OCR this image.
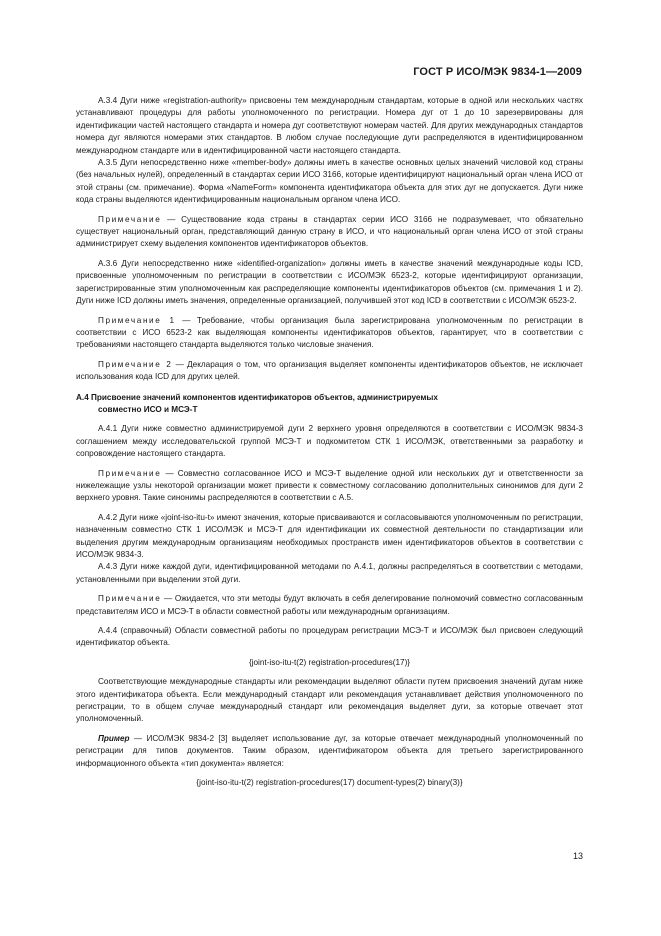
ГОСТ Р ИСО/МЭК 9834-1—2009

А.3.4 Дуги ниже «registration-authority» присвоены тем международным стандартам, которые в одной или нескольких частях устанавливают процедуры для работы уполномоченного по регистрации. Номера дуг от 1 до 10 зарезервированы для идентификации частей настоящего стандарта и номера дуг соответствуют номерам частей. Для других международных стандартов номера дуг являются номерами этих стандартов. В любом случае последующие дуги распределяются в идентифицированном международном стандарте или в идентифицированной части настоящего стандарта.

А.3.5 Дуги непосредственно ниже «member-body» должны иметь в качестве основных целых значений числовой код страны (без начальных нулей), определенный в стандартах серии ИСО 3166, которые идентифицируют национальный орган члена ИСО от этой страны (см. примечание). Форма «NameForm» компонента идентификатора объекта для этих дуг не допускается. Дуги ниже кода страны выделяются идентифицированным национальным органом члена ИСО.

Примечание — Существование кода страны в стандартах серии ИСО 3166 не подразумевает, что обязательно существует национальный орган, представляющий данную страну в ИСО, и что национальный орган члена ИСО от этой страны администрирует схему выделения компонентов идентификаторов объектов.

А.3.6 Дуги непосредственно ниже «identified-organization» должны иметь в качестве значений международные коды ICD, присвоенные уполномоченным по регистрации в соответствии с ИСО/МЭК 6523-2, которые идентифицируют организации, зарегистрированные этим уполномоченным как распределяющие компоненты идентификаторов объектов (см. примечания 1 и 2). Дуги ниже ICD должны иметь значения, определенные организацией, получившей этот код ICD в соответствии с ИСО/МЭК 6523-2.

Примечание 1 — Требование, чтобы организация была зарегистрирована уполномоченным по регистрации в соответствии с ИСО 6523-2 как выделяющая компоненты идентификаторов объектов, гарантирует, что в соответствии с требованиями настоящего стандарта выделяются только числовые значения.

Примечание 2 — Декларация о том, что организация выделяет компоненты идентификаторов объектов, не исключает использования кода ICD для других целей.

А.4 Присвоение значений компонентов идентификаторов объектов, администрируемых
совместно ИСО и МСЭ-Т

А.4.1 Дуги ниже совместно администрируемой дуги 2 верхнего уровня определяются в соответствии с ИСО/МЭК 9834-3 соглашением между исследовательской группой МСЭ-Т и подкомитетом СТК 1 ИСО/МЭК, ответственными за разработку и сопровождение настоящего стандарта.

Примечание — Совместно согласованное ИСО и МСЭ-Т выделение одной или нескольких дуг и ответственности за нижележащие узлы некоторой организации может привести к совместному согласованию дополнительных синонимов для дуги 2 верхнего уровня. Такие синонимы распределяются в соответствии с А.5.

А.4.2 Дуги ниже «joint-iso-itu-t» имеют значения, которые присваиваются и согласовываются уполномоченным по регистрации, назначенным совместно СТК 1 ИСО/МЭК и МСЭ-Т для идентификации их совместной деятельности по стандартизации или выделения другим международным организациям необходимых пространств имен идентификаторов объектов в соответствии с ИСО/МЭК 9834-3.

А.4.3 Дуги ниже каждой дуги, идентифицированной методами по А.4.1, должны распределяться в соответствии с методами, установленными при выделении этой дуги.

Примечание — Ожидается, что эти методы будут включать в себя делегирование полномочий совместно согласованным представителям ИСО и МСЭ-Т в области совместной работы или международным организациям.

А.4.4 (справочный) Области совместной работы по процедурам регистрации МСЭ-Т и ИСО/МЭК был присвоен следующий идентификатор объекта.

{joint-iso-itu-t(2) registration-procedures(17)}

Соответствующие международные стандарты или рекомендации выделяют области путем присвоения значений дугам ниже этого идентификатора объекта. Если международный стандарт или рекомендация устанавливает действия уполномоченного по регистрации, то в общем случае международный стандарт или рекомендация выделяет дуги, за которые отвечает этот уполномоченный.

Пример — ИСО/МЭК 9834-2 [3] выделяет использование дуг, за которые отвечает международный уполномоченный по регистрации для типов документов. Таким образом, идентификатором объекта для третьего зарегистрированного информационного объекта «тип документа» является:

{joint-iso-itu-t(2) registration-procedures(17) document-types(2) binary(3)}

13
